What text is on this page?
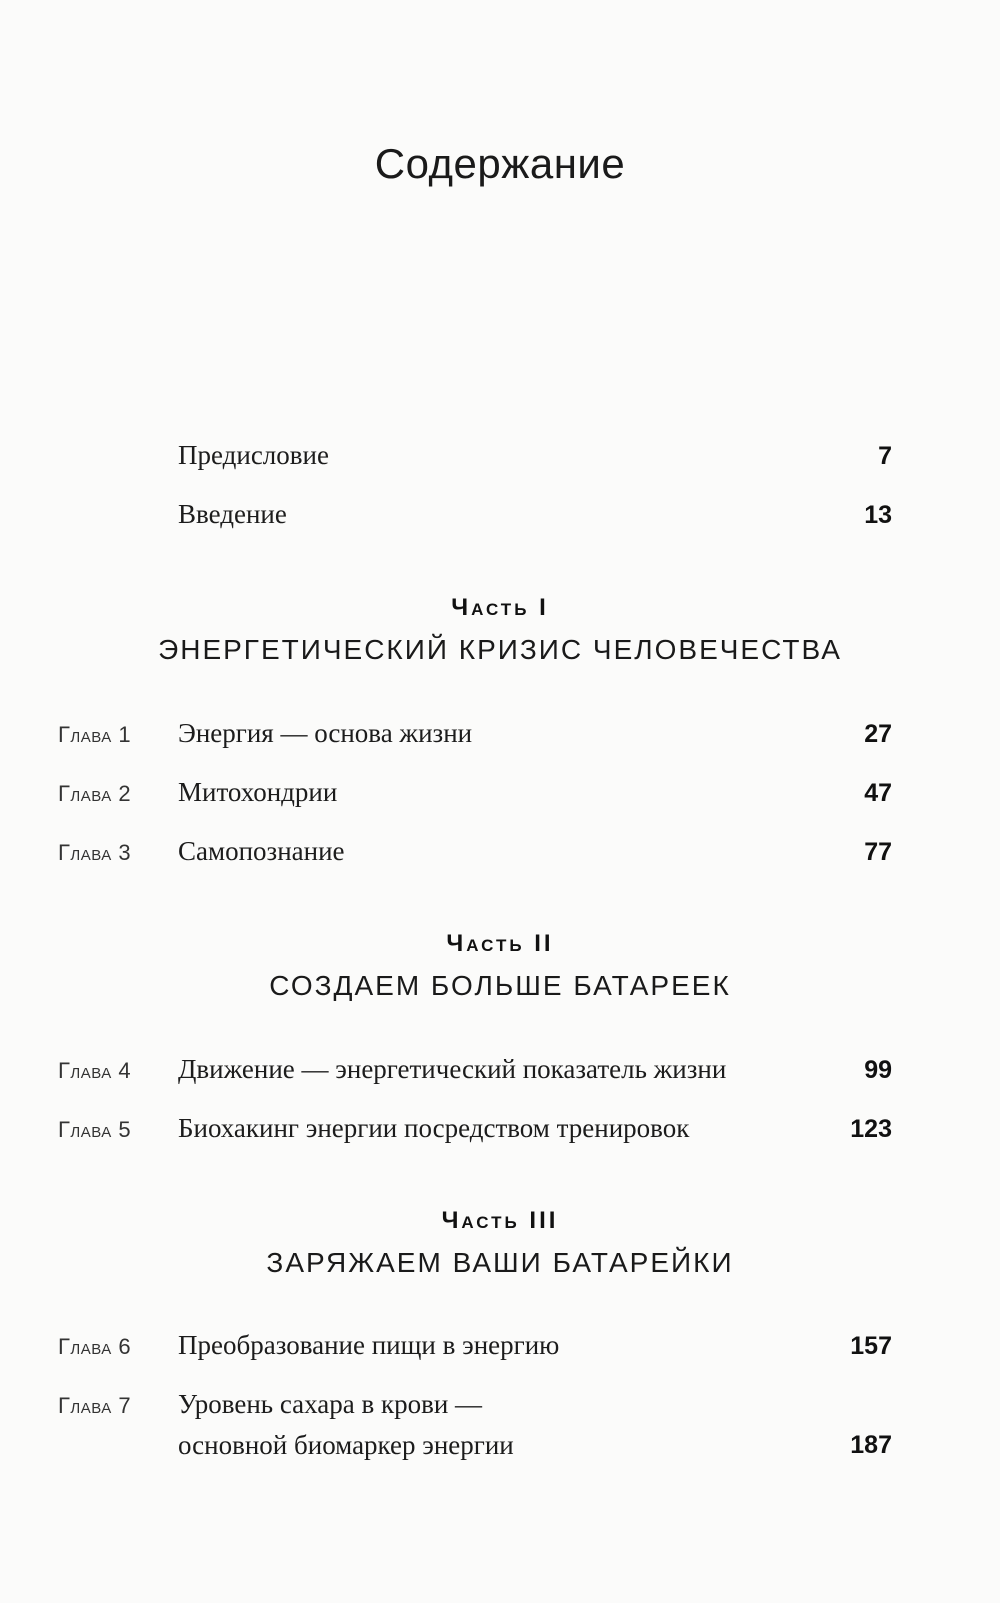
Содержание
Предисловие	7
Введение	13
Часть I
ЭНЕРГЕТИЧЕСКИЙ КРИЗИС ЧЕЛОВЕЧЕСТВА
Глава 1 Энергия — основа жизни	27
Глава 2 Митохондрии	47
Глава 3 Самопознание	77
Часть II
СОЗДАЕМ БОЛЬШЕ БАТАРЕЕК
Глава 4 Движение — энергетический показатель жизни	99
Глава 5 Биохакинг энергии посредством тренировок	123
Часть III
ЗАРЯЖАЕМ ВАШИ БАТАРЕЙКИ
Глава 6 Преобразование пищи в энергию	157
Глава 7 Уровень сахара в крови —
основной биомаркер энергии	187
